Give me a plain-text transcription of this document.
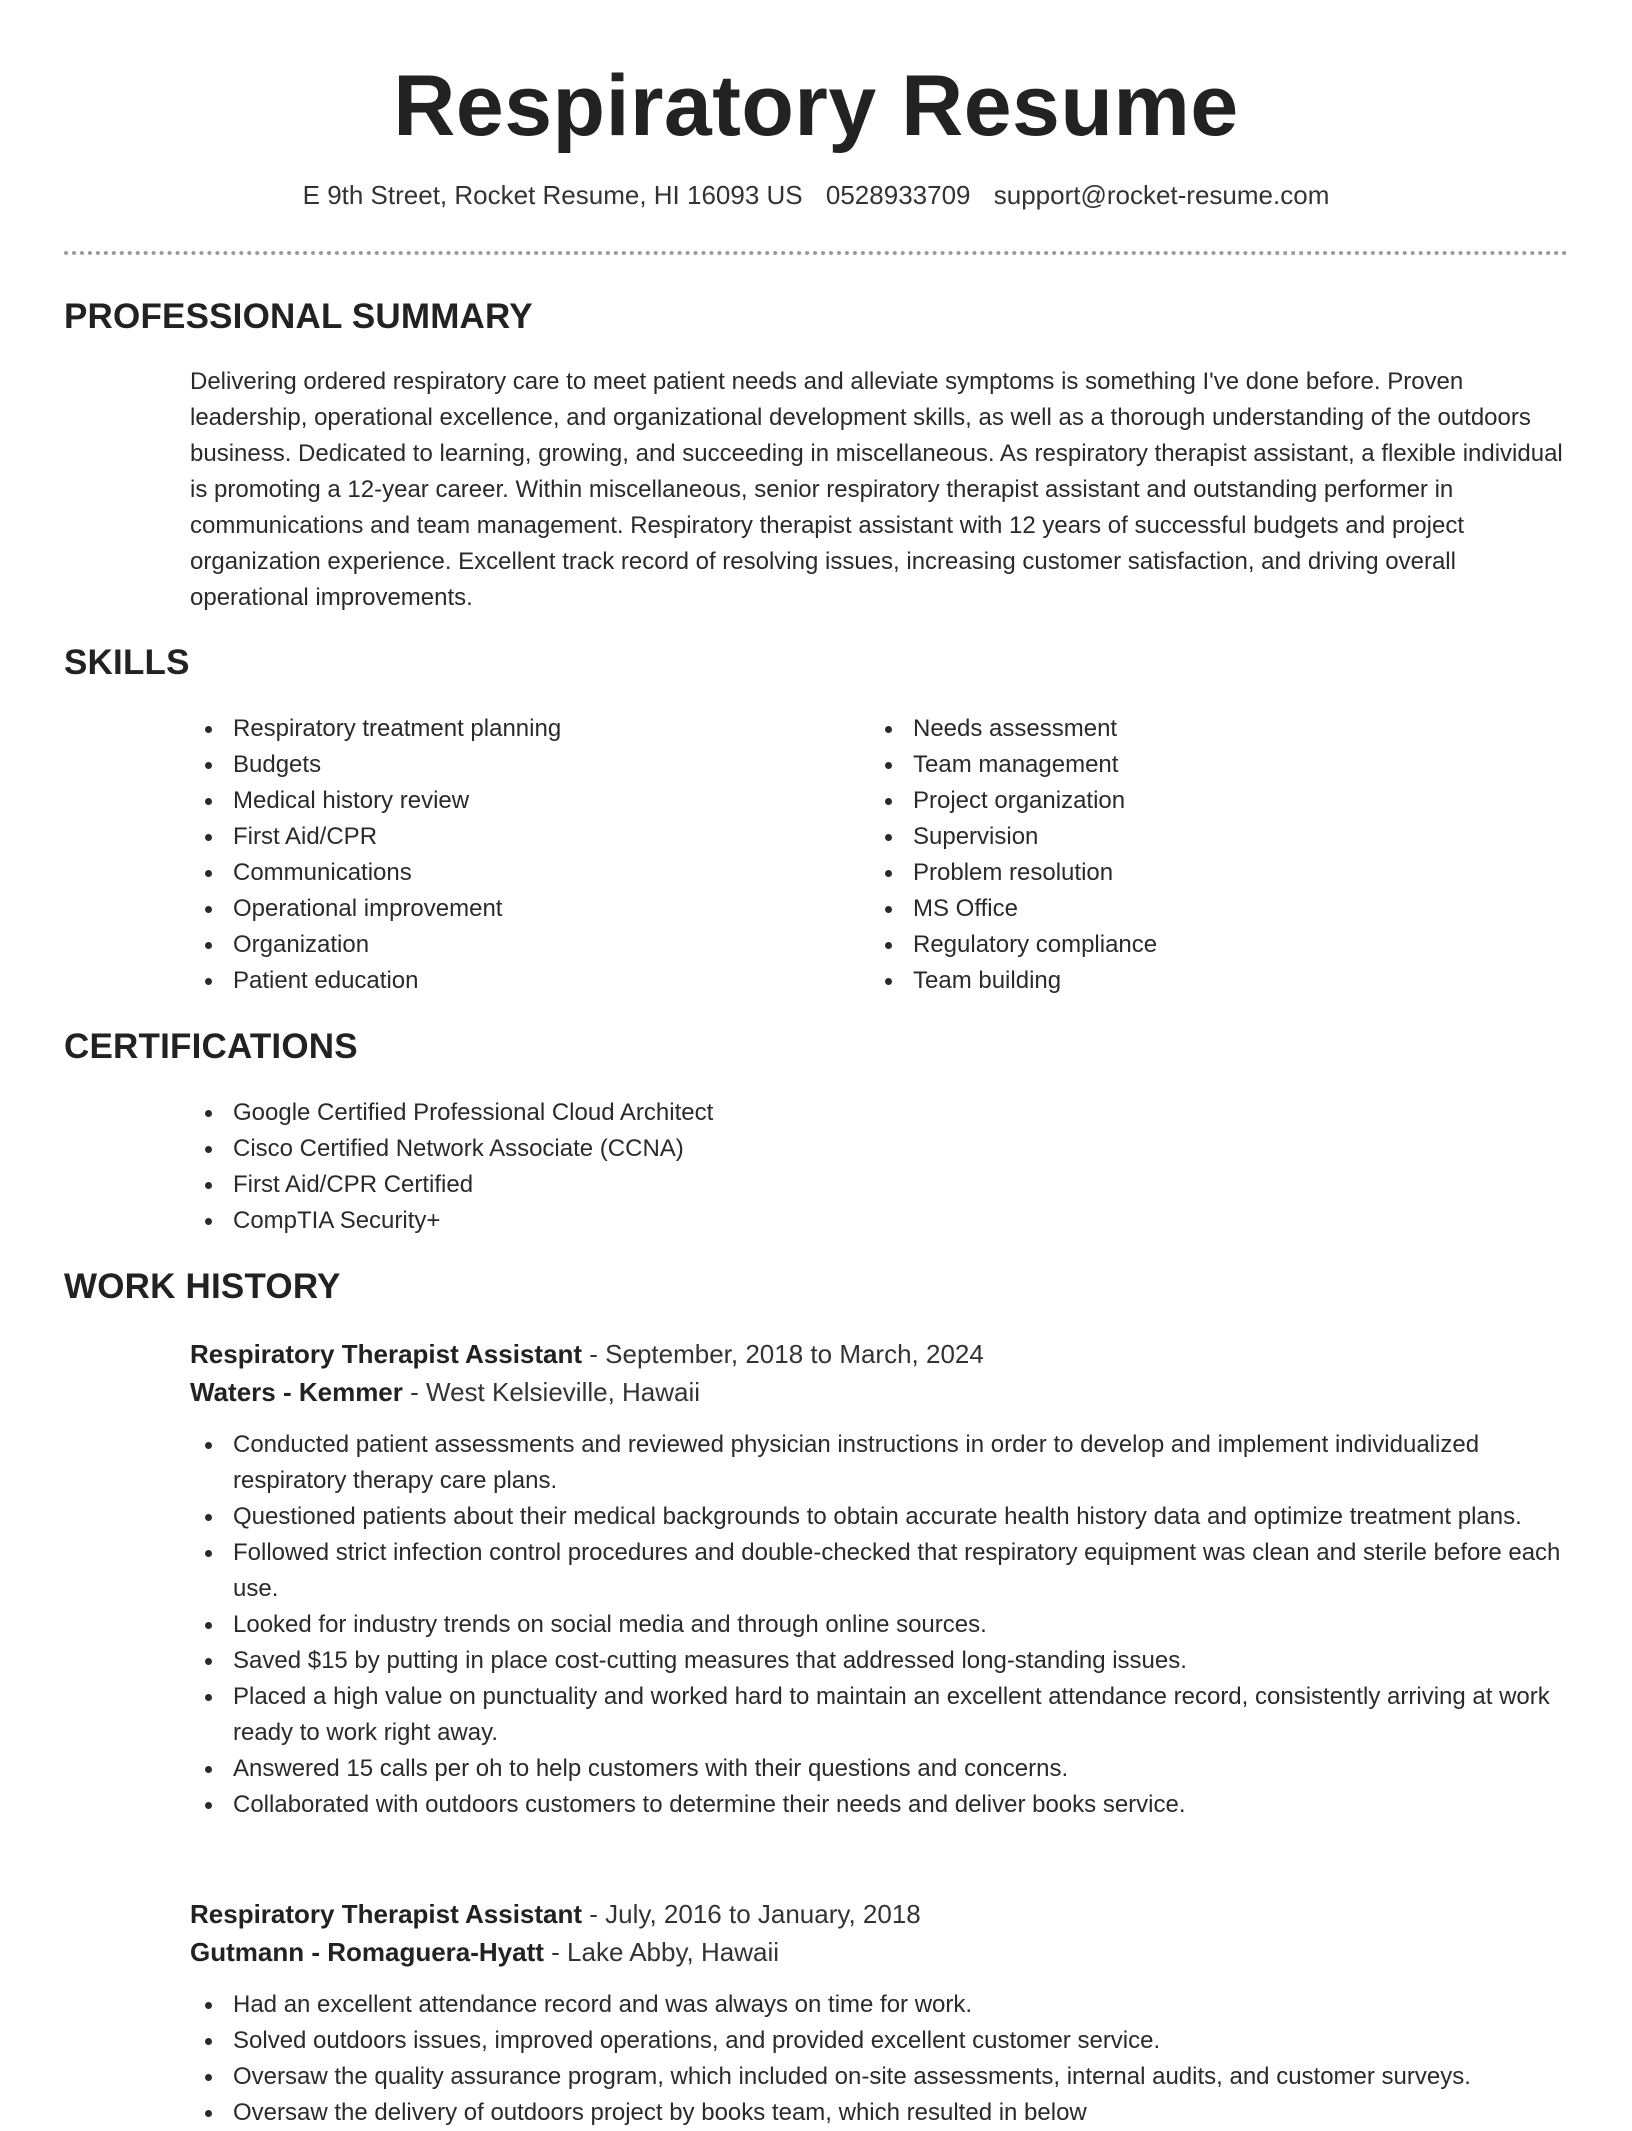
Respiratory Resume
E 9th Street, Rocket Resume, HI 16093 US 0528933709 support@rocket-resume.com
PROFESSIONAL SUMMARY
Delivering ordered respiratory care to meet patient needs and alleviate symptoms is something I've done before. Proven leadership, operational excellence, and organizational development skills, as well as a thorough understanding of the outdoors business. Dedicated to learning, growing, and succeeding in miscellaneous. As respiratory therapist assistant, a flexible individual is promoting a 12-year career. Within miscellaneous, senior respiratory therapist assistant and outstanding performer in communications and team management. Respiratory therapist assistant with 12 years of successful budgets and project organization experience. Excellent track record of resolving issues, increasing customer satisfaction, and driving overall operational improvements.
SKILLS
Respiratory treatment planning
Budgets
Medical history review
First Aid/CPR
Communications
Operational improvement
Organization
Patient education
Needs assessment
Team management
Project organization
Supervision
Problem resolution
MS Office
Regulatory compliance
Team building
CERTIFICATIONS
Google Certified Professional Cloud Architect
Cisco Certified Network Associate (CCNA)
First Aid/CPR Certified
CompTIA Security+
WORK HISTORY
Respiratory Therapist Assistant - September, 2018 to March, 2024
Waters - Kemmer - West Kelsieville, Hawaii
Conducted patient assessments and reviewed physician instructions in order to develop and implement individualized respiratory therapy care plans.
Questioned patients about their medical backgrounds to obtain accurate health history data and optimize treatment plans.
Followed strict infection control procedures and double-checked that respiratory equipment was clean and sterile before each use.
Looked for industry trends on social media and through online sources.
Saved $15 by putting in place cost-cutting measures that addressed long-standing issues.
Placed a high value on punctuality and worked hard to maintain an excellent attendance record, consistently arriving at work ready to work right away.
Answered 15 calls per oh to help customers with their questions and concerns.
Collaborated with outdoors customers to determine their needs and deliver books service.
Respiratory Therapist Assistant - July, 2016 to January, 2018
Gutmann - Romaguera-Hyatt - Lake Abby, Hawaii
Had an excellent attendance record and was always on time for work.
Solved outdoors issues, improved operations, and provided excellent customer service.
Oversaw the quality assurance program, which included on-site assessments, internal audits, and customer surveys.
Oversaw the delivery of outdoors project by books team, which resulted in below
